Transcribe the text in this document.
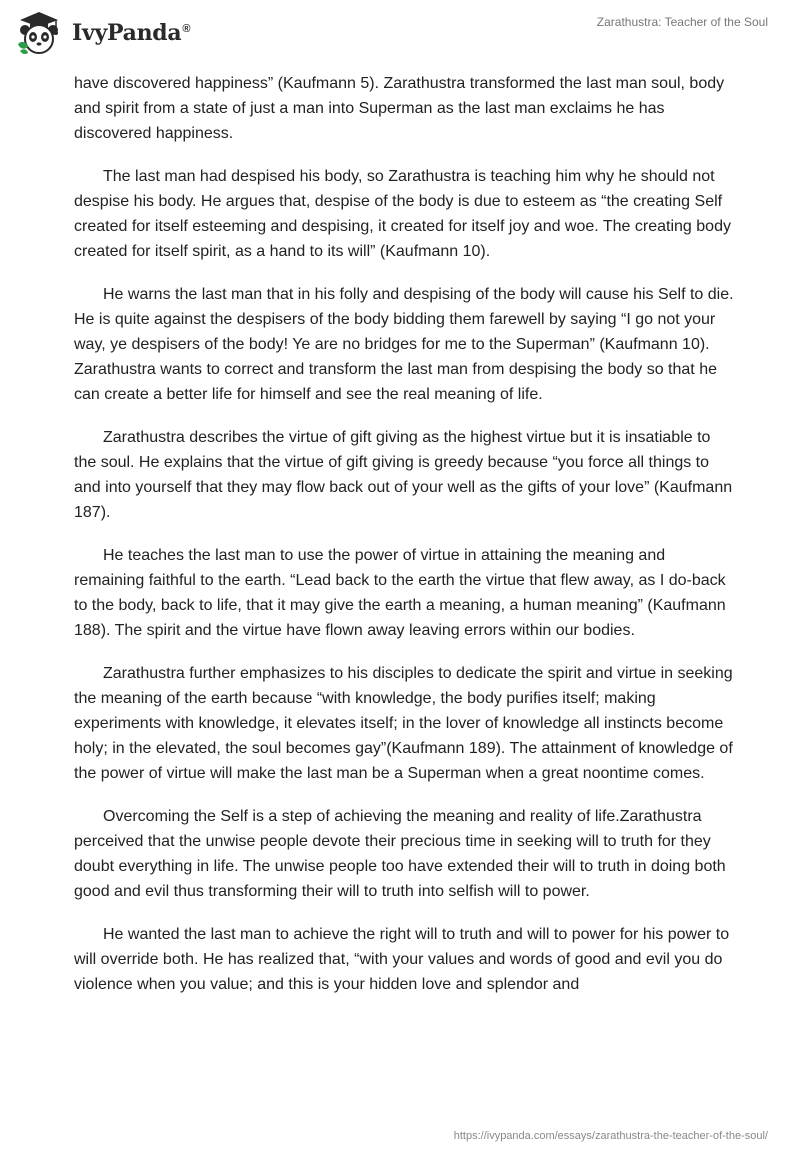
IvyPanda®	Zarathustra: Teacher of the Soul

have discovered happiness” (Kaufmann 5). Zarathustra transformed the last man soul, body and spirit from a state of just a man into Superman as the last man exclaims he has discovered happiness.

The last man had despised his body, so Zarathustra is teaching him why he should not despise his body. He argues that, despise of the body is due to esteem as “the creating Self created for itself esteeming and despising, it created for itself joy and woe. The creating body created for itself spirit, as a hand to its will” (Kaufmann 10).

He warns the last man that in his folly and despising of the body will cause his Self to die. He is quite against the despisers of the body bidding them farewell by saying “I go not your way, ye despisers of the body! Ye are no bridges for me to the Superman” (Kaufmann 10). Zarathustra wants to correct and transform the last man from despising the body so that he can create a better life for himself and see the real meaning of life.

Zarathustra describes the virtue of gift giving as the highest virtue but it is insatiable to the soul. He explains that the virtue of gift giving is greedy because “you force all things to and into yourself that they may flow back out of your well as the gifts of your love” (Kaufmann 187).

He teaches the last man to use the power of virtue in attaining the meaning and remaining faithful to the earth. “Lead back to the earth the virtue that flew away, as I do-back to the body, back to life, that it may give the earth a meaning, a human meaning” (Kaufmann 188). The spirit and the virtue have flown away leaving errors within our bodies.

Zarathustra further emphasizes to his disciples to dedicate the spirit and virtue in seeking the meaning of the earth because “with knowledge, the body purifies itself; making experiments with knowledge, it elevates itself; in the lover of knowledge all instincts become holy; in the elevated, the soul becomes gay”(Kaufmann 189). The attainment of knowledge of the power of virtue will make the last man be a Superman when a great noontime comes.

Overcoming the Self is a step of achieving the meaning and reality of life.Zarathustra perceived that the unwise people devote their precious time in seeking will to truth for they doubt everything in life. The unwise people too have extended their will to truth in doing both good and evil thus transforming their will to truth into selfish will to power.

He wanted the last man to achieve the right will to truth and will to power for his power to will override both. He has realized that, “with your values and words of good and evil you do violence when you value; and this is your hidden love and splendor and

https://ivypanda.com/essays/zarathustra-the-teacher-of-the-soul/
